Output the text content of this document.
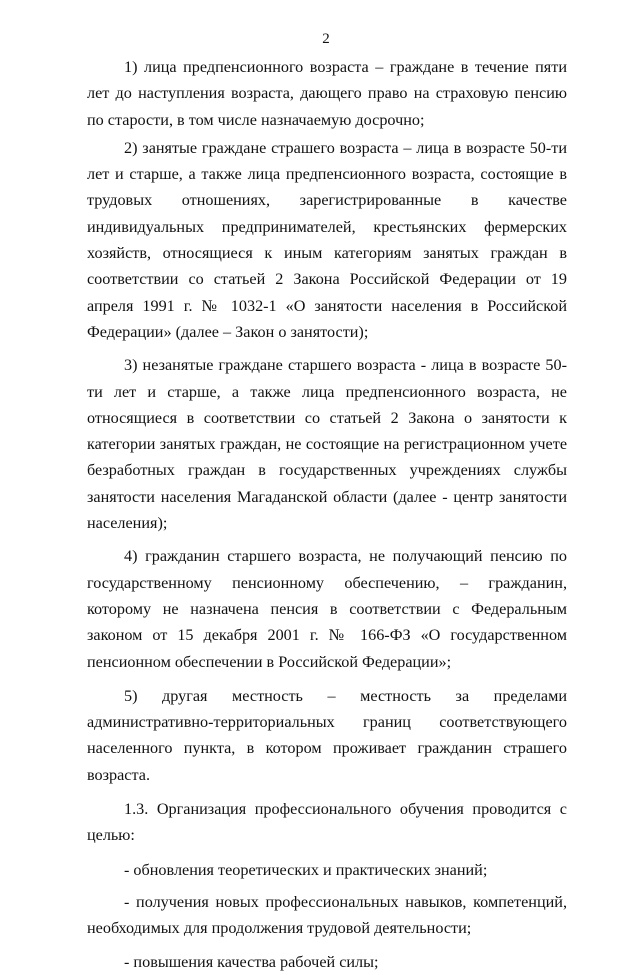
2

1) лица предпенсионного возраста – граждане в течение пяти лет до наступления возраста, дающего право на страховую пенсию по старости, в том числе назначаемую досрочно;

2) занятые граждане страшего возраста – лица в возрасте 50-ти лет и старше, а также лица предпенсионного возраста, состоящие в трудовых отношениях, зарегистрированные в качестве индивидуальных предпринимателей, крестьянских фермерских хозяйств, относящиеся к иным категориям занятых граждан в соответствии со статьей 2 Закона Российской Федерации от 19 апреля 1991 г. № 1032-1 «О занятости населения в Российской Федерации» (далее – Закон о занятости);

3) незанятые граждане старшего возраста - лица в возрасте 50-ти лет и старше, а также лица предпенсионного возраста, не относящиеся в соответствии со статьей 2 Закона о занятости к категории занятых граждан, не состоящие на регистрационном учете безработных граждан в государственных учреждениях службы занятости населения Магаданской области (далее - центр занятости населения);

4) гражданин старшего возраста, не получающий пенсию по государственному пенсионному обеспечению, – гражданин, которому не назначена пенсия в соответствии с Федеральным законом от 15 декабря 2001 г. № 166-ФЗ «О государственном пенсионном обеспечении в Российской Федерации»;

5) другая местность – местность за пределами административно-территориальных границ соответствующего населенного пункта, в котором проживает гражданин страшего возраста.

1.3. Организация профессионального обучения проводится с целью:

- обновления теоретических и практических знаний;

- получения новых профессиональных навыков, компетенций, необходимых для продолжения трудовой деятельности;

- повышения качества рабочей силы;
